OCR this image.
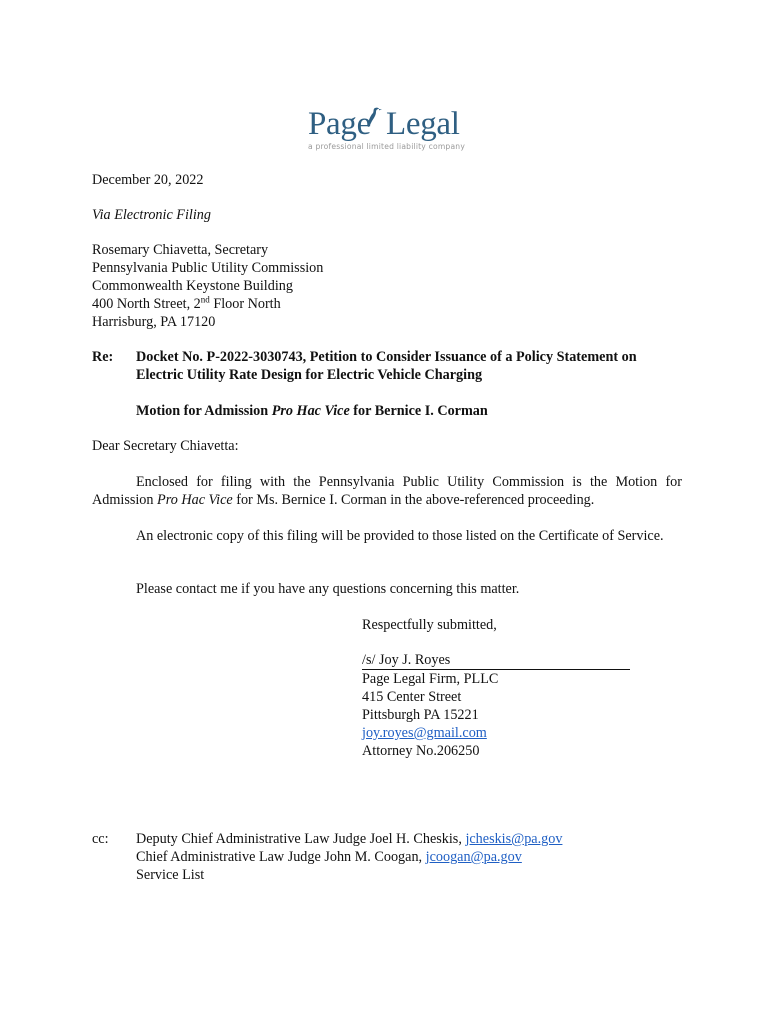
Page Legal
a professional limited liability company
December 20, 2022
Via Electronic Filing
Rosemary Chiavetta, Secretary
Pennsylvania Public Utility Commission
Commonwealth Keystone Building
400 North Street, 2nd Floor North
Harrisburg, PA 17120
Re: Docket No. P-2022-3030743, Petition to Consider Issuance of a Policy Statement on
Electric Utility Rate Design for Electric Vehicle Charging
Motion for Admission Pro Hac Vice for Bernice I. Corman
Dear Secretary Chiavetta:
Enclosed for filing with the Pennsylvania Public Utility Commission is the Motion for Admission Pro Hac Vice for Ms. Bernice I. Corman in the above-referenced proceeding.
An electronic copy of this filing will be provided to those listed on the Certificate of Service.
Please contact me if you have any questions concerning this matter.
Respectfully submitted,
/s/ Joy J. Royes
Page Legal Firm, PLLC
415 Center Street
Pittsburgh PA 15221
joy.royes@gmail.com
Attorney No.206250
cc: Deputy Chief Administrative Law Judge Joel H. Cheskis, jcheskis@pa.gov
Chief Administrative Law Judge John M. Coogan, jcoogan@pa.gov
Service List
